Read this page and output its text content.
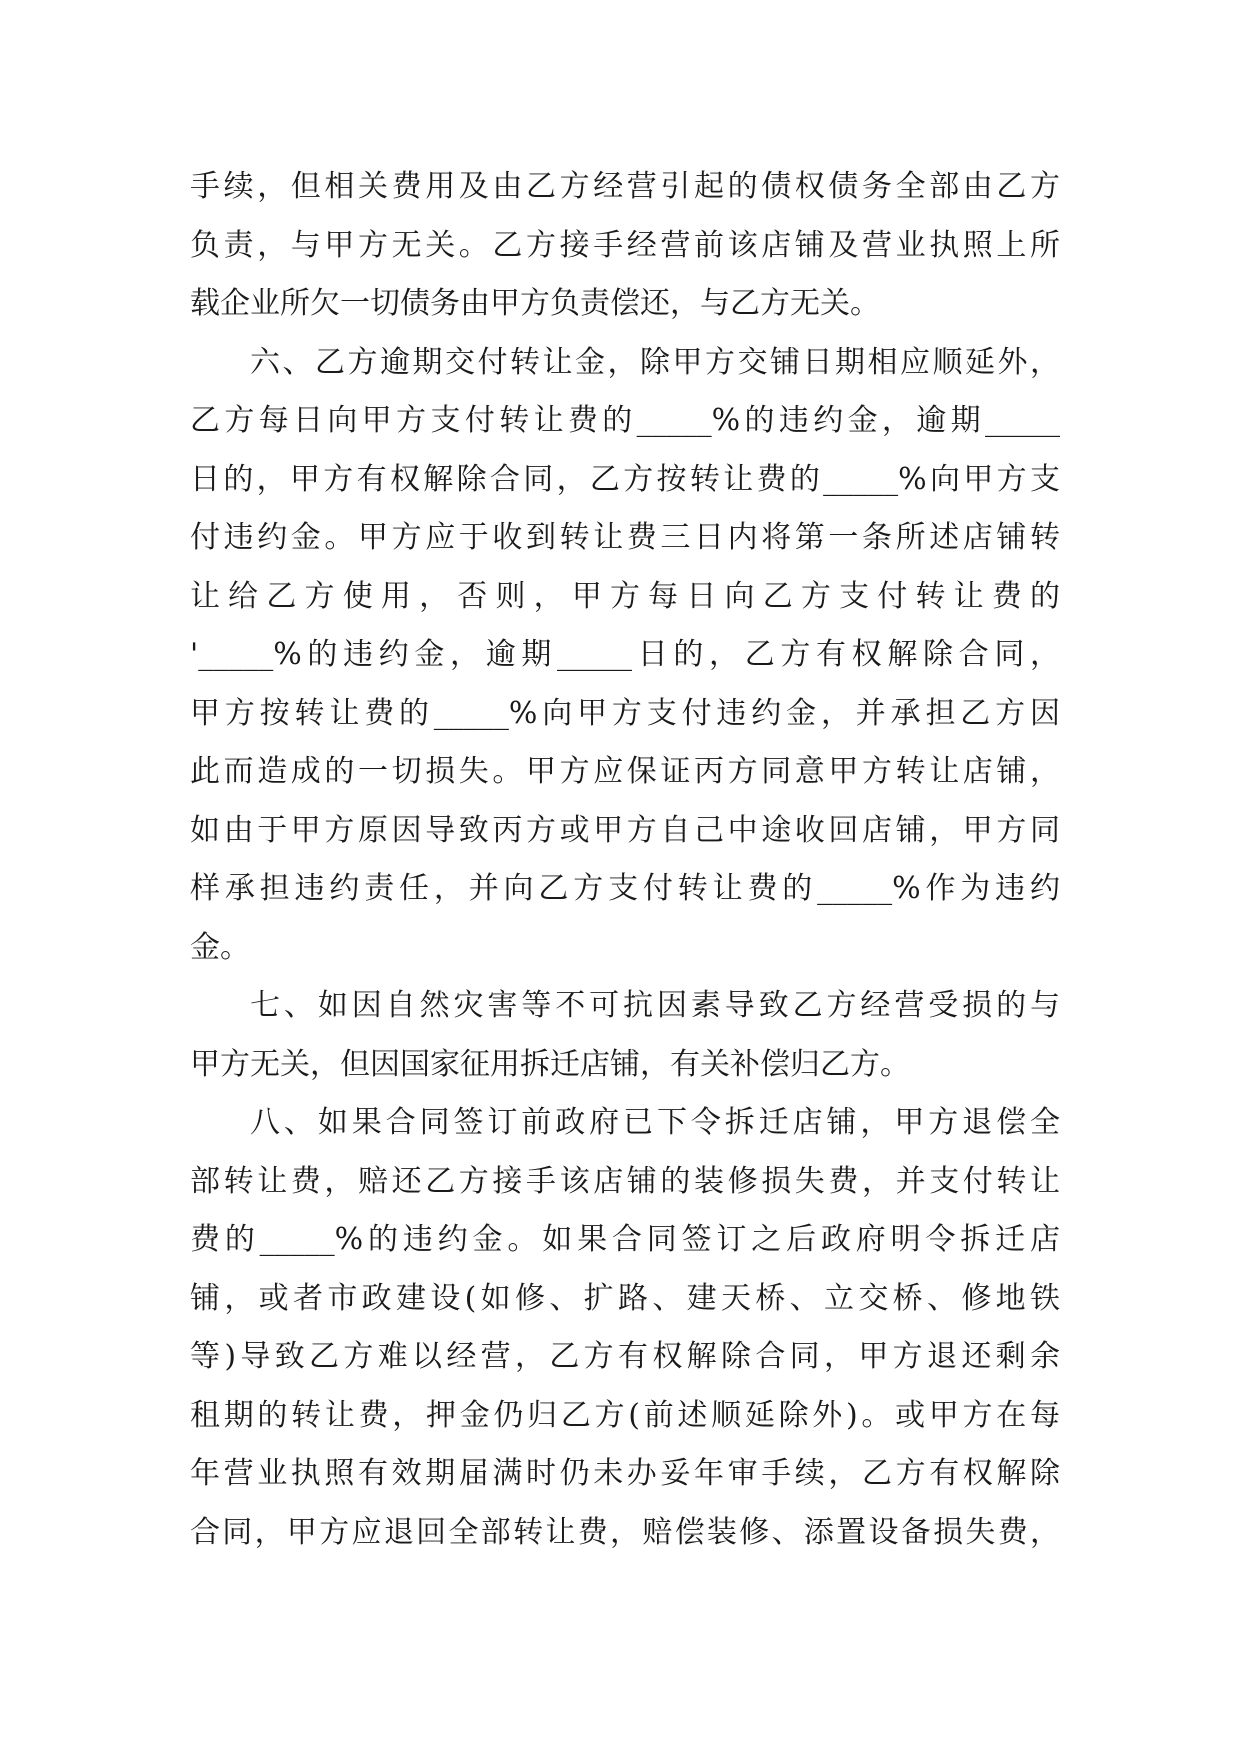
手续，但相关费用及由乙方经营引起的债权债务全部由乙方
负责，与甲方无关。乙方接手经营前该店铺及营业执照上所
载企业所欠一切债务由甲方负责偿还，与乙方无关。
六、乙方逾期交付转让金，除甲方交铺日期相应顺延外，
乙方每日向甲方支付转让费的_____%的违约金，逾期_____
日的，甲方有权解除合同，乙方按转让费的_____%向甲方支
付违约金。甲方应于收到转让费三日内将第一条所述店铺转
让给乙方使用，否则，甲方每日向乙方支付转让费的
'_____%的违约金，逾期_____日的，乙方有权解除合同，
甲方按转让费的_____%向甲方支付违约金，并承担乙方因
此而造成的一切损失。甲方应保证丙方同意甲方转让店铺，
如由于甲方原因导致丙方或甲方自己中途收回店铺，甲方同
样承担违约责任，并向乙方支付转让费的_____%作为违约
金。
七、如因自然灾害等不可抗因素导致乙方经营受损的与
甲方无关，但因国家征用拆迁店铺，有关补偿归乙方。
八、如果合同签订前政府已下令拆迁店铺，甲方退偿全
部转让费，赔还乙方接手该店铺的装修损失费，并支付转让
费的_____%的违约金。如果合同签订之后政府明令拆迁店
铺，或者市政建设(如修、扩路、建天桥、立交桥、修地铁
等)导致乙方难以经营，乙方有权解除合同，甲方退还剩余
租期的转让费，押金仍归乙方(前述顺延除外)。或甲方在每
年营业执照有效期届满时仍未办妥年审手续，乙方有权解除
合同，甲方应退回全部转让费，赔偿装修、添置设备损失费，
